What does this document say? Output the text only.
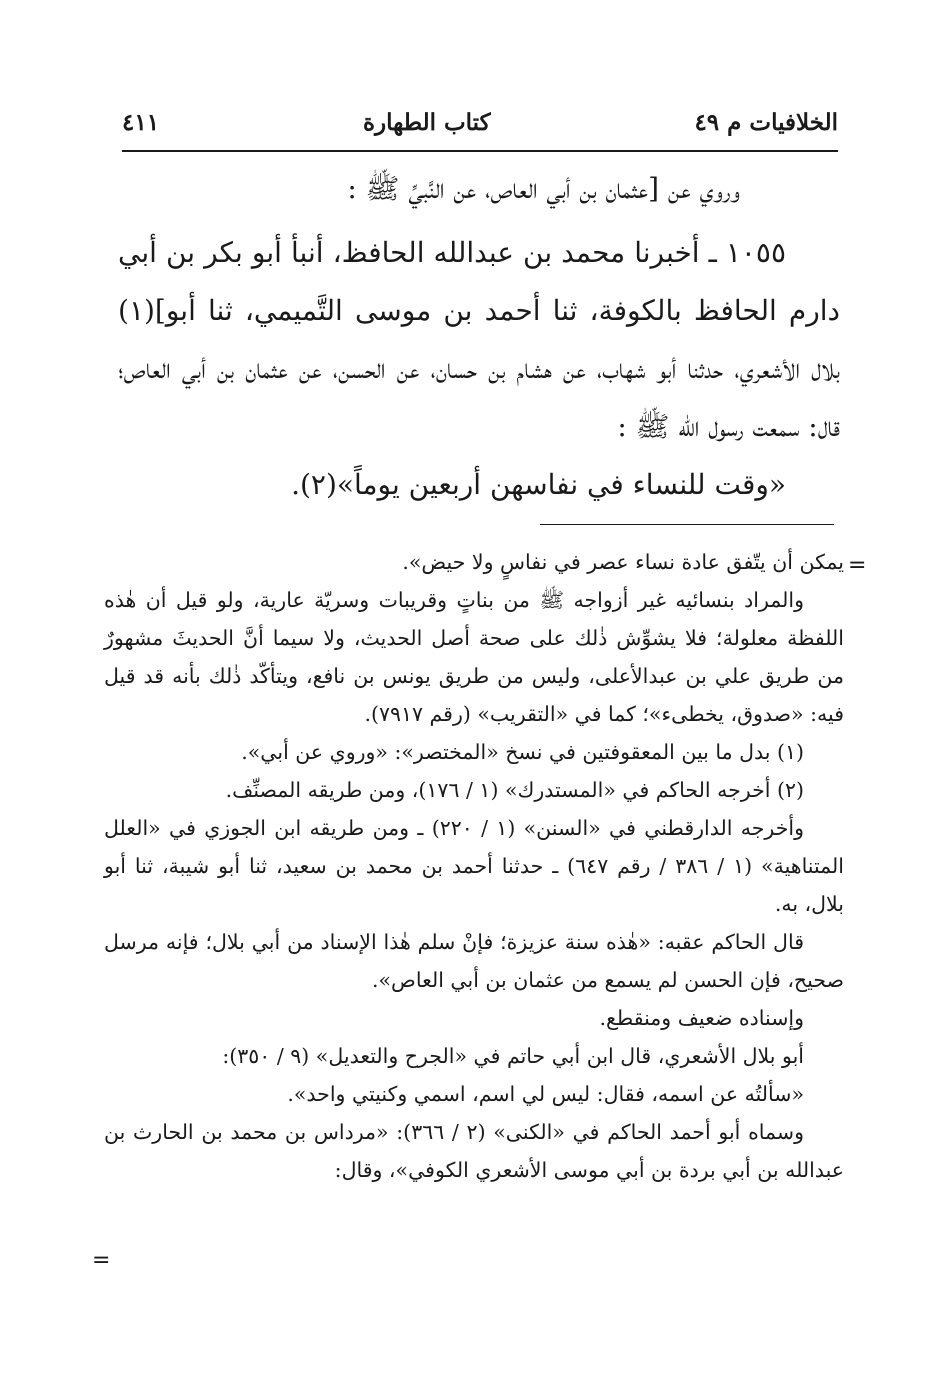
الخلافيات م ٤٩
كتاب الطهارة
٤١١

وروي عن [عثمان بن أبي العاص، عن النَّبيِّ ﷺ :

١٠٥٥ ـ أخبرنا محمد بن عبدالله الحافظ، أنبأ أبو بكر بن أبي دارم الحافظ بالكوفة، ثنا أحمد بن موسى التَّميمي، ثنا أبو](١) بلال الأشعري، حدثنا أبو شهاب، عن هشام بن حسان، عن الحسن، عن عثمان بن أبي العاص؛ قال: سمعت رسول الله ﷺ :

«وقت للنساء في نفاسهن أربعين يوماً»(٢).

=

يمكن أن يتّفق عادة نساء عصر في نفاسٍ ولا حيض».

والمراد بنسائيه غير أزواجه ﷺ من بناتٍ وقريبات وسريّة عارية، ولو قيل أن هٰذه اللفظة معلولة؛ فلا يشوِّش ذٰلك على صحة أصل الحديث، ولا سيما أنَّ الحديثَ مشهورٌ من طريق علي بن عبدالأعلى، وليس من طريق يونس بن نافع، ويتأكّد ذٰلك بأنه قد قيل فيه: «صدوق، يخطىء»؛ كما في «التقريب» (رقم ٧٩١٧).

(١) بدل ما بين المعقوفتين في نسخ «المختصر»: «وروي عن أبي».

(٢) أخرجه الحاكم في «المستدرك» (١ / ١٧٦)، ومن طريقه المصنِّف.

وأخرجه الدارقطني في «السنن» (١ / ٢٢٠) ـ ومن طريقه ابن الجوزي في «العلل المتناهية» (١ / ٣٨٦ / رقم ٦٤٧) ـ حدثنا أحمد بن محمد بن سعيد، ثنا أبو شيبة، ثنا أبو بلال، به.

قال الحاكم عقبه: «هٰذه سنة عزيزة؛ فإنْ سلم هٰذا الإسناد من أبي بلال؛ فإنه مرسل صحيح، فإن الحسن لم يسمع من عثمان بن أبي العاص».

وإسناده ضعيف ومنقطع.

أبو بلال الأشعري، قال ابن أبي حاتم في «الجرح والتعديل» (٩ / ٣٥٠):

«سألتُه عن اسمه، فقال: ليس لي اسم، اسمي وكنيتي واحد».

وسماه أبو أحمد الحاكم في «الكنى» (٢ / ٣٦٦): «مرداس بن محمد بن الحارث بن عبدالله بن أبي بردة بن أبي موسى الأشعري الكوفي»، وقال:

=
